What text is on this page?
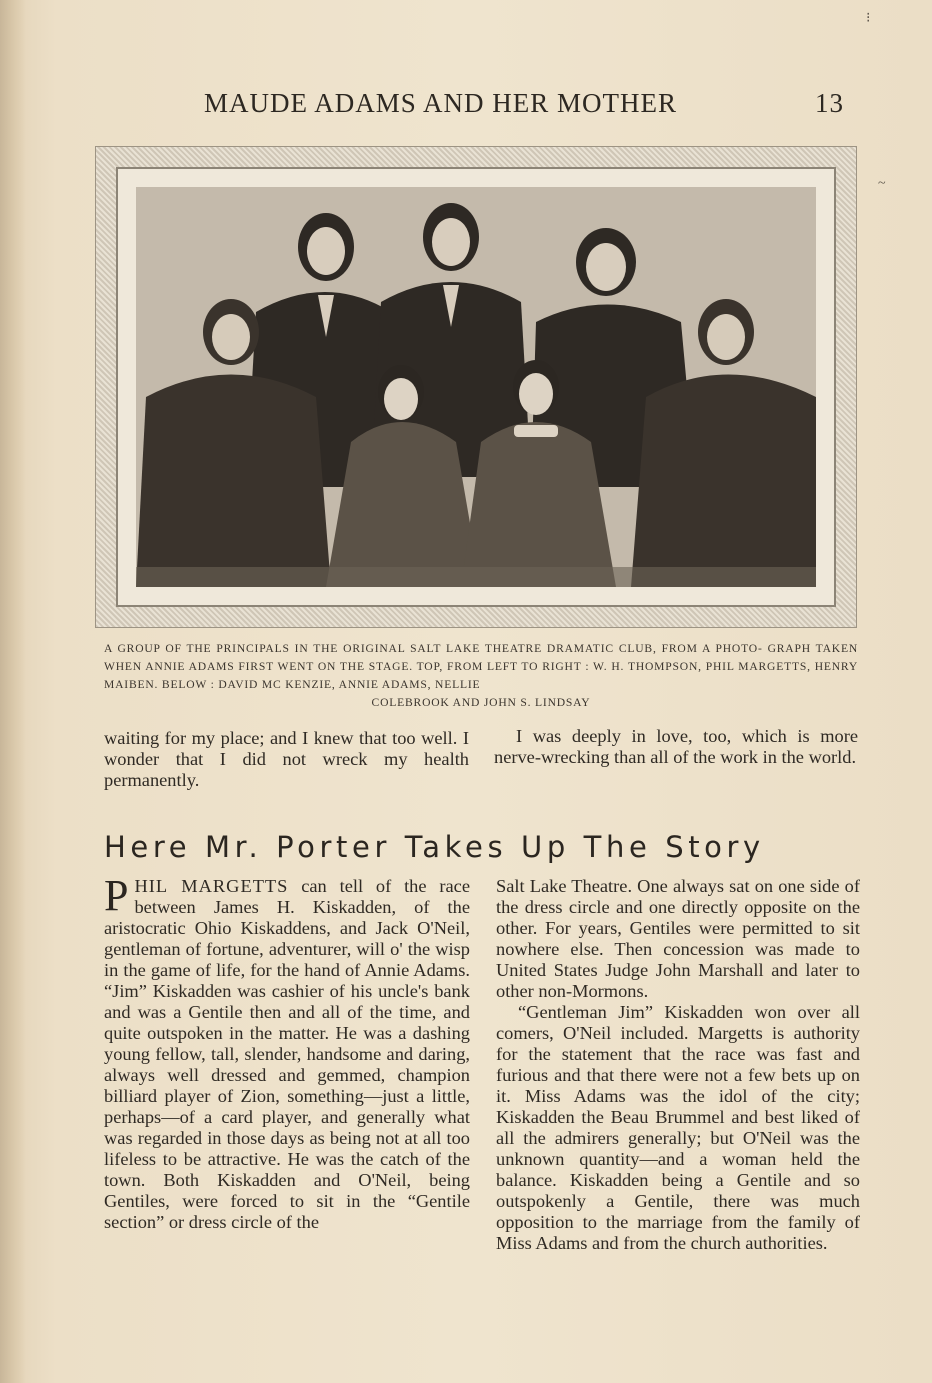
MAUDE ADAMS AND HER MOTHER	13
A GROUP OF THE PRINCIPALS IN THE ORIGINAL SALT LAKE THEATRE DRAMATIC CLUB, FROM A PHOTO- GRAPH TAKEN WHEN ANNIE ADAMS FIRST WENT ON THE STAGE. TOP, FROM LEFT TO RIGHT : W. H. THOMPSON, PHIL MARGETTS, HENRY MAIBEN. BELOW : DAVID MC KENZIE, ANNIE ADAMS, NELLIE
COLEBROOK AND JOHN S. LINDSAY

waiting for my place; and I knew that too well. I wonder that I did not wreck my health permanently.

I was deeply in love, too, which is more nerve-wrecking than all of the work in the world.

Here Mr. Porter Takes Up The Story

PHIL MARGETTS can tell of the race between James H. Kiskadden, of the aristocratic Ohio Kiskaddens, and Jack O'Neil, gentleman of fortune, adventurer, will o' the wisp in the game of life, for the hand of Annie Adams. “Jim” Kiskadden was cashier of his uncle's bank and was a Gentile then and all of the time, and quite outspoken in the matter. He was a dashing young fellow, tall, slender, handsome and daring, always well dressed and gemmed, champion billiard player of Zion, something—just a little, perhaps—of a card player, and generally what was regarded in those days as being not at all too lifeless to be attractive. He was the catch of the town. Both Kiskadden and O'Neil, being Gentiles, were forced to sit in the “Gentile section” or dress circle of the

Salt Lake Theatre. One always sat on one side of the dress circle and one directly opposite on the other. For years, Gentiles were permitted to sit nowhere else. Then concession was made to United States Judge John Marshall and later to other non-Mormons.

“Gentleman Jim” Kiskadden won over all comers, O'Neil included. Margetts is authority for the statement that the race was fast and furious and that there were not a few bets up on it. Miss Adams was the idol of the city; Kiskadden the Beau Brummel and best liked of all the admirers generally; but O'Neil was the unknown quantity—and a woman held the balance. Kiskadden being a Gentile and so outspokenly a Gentile, there was much opposition to the marriage from the family of Miss Adams and from the church authorities.

⁝
~
